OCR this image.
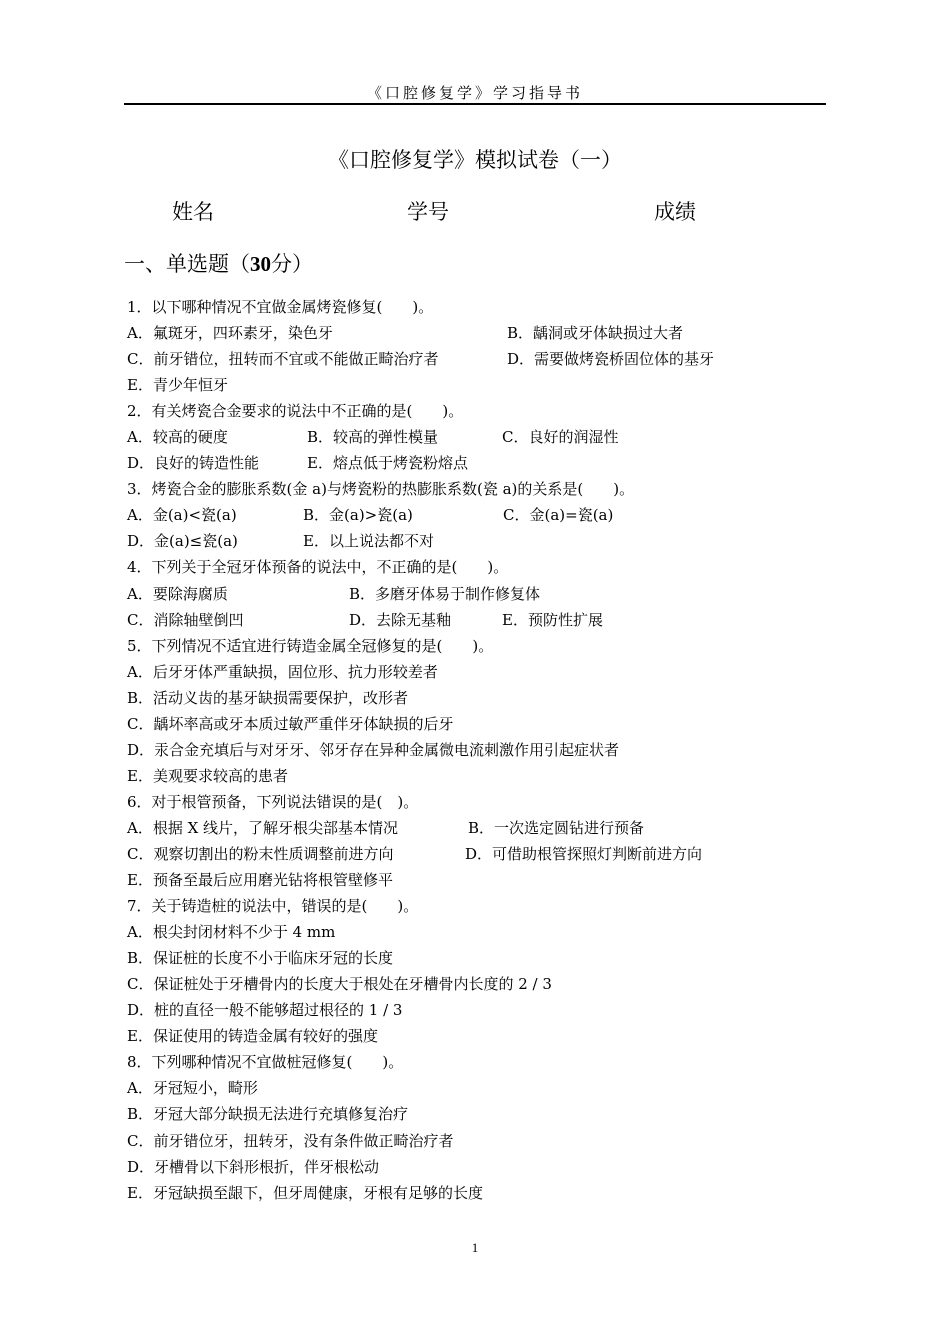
《口腔修复学》学习指导书
《口腔修复学》模拟试卷（一）
姓名	学号	成绩
一、单选题（30分）
1．以下哪种情况不宜做金属烤瓷修复(　　)。
A．氟斑牙，四环素牙，染色牙	B．龋洞或牙体缺损过大者
C．前牙错位，扭转而不宜或不能做正畸治疗者	D．需要做烤瓷桥固位体的基牙
E．青少年恒牙
2．有关烤瓷合金要求的说法中不正确的是(　　)。
A．较高的硬度	B．较高的弹性模量	C．良好的润湿性
D．良好的铸造性能	E．熔点低于烤瓷粉熔点
3．烤瓷合金的膨胀系数(金 a)与烤瓷粉的热膨胀系数(瓷 a)的关系是(　　)。
A．金(a)<瓷(a)	B．金(a)>瓷(a)	C．金(a)=瓷(a)
D．金(a)≤瓷(a)	E．以上说法都不对
4．下列关于全冠牙体预备的说法中，不正确的是(　　)。
A．要除海腐质	B．多磨牙体易于制作修复体
C．消除轴壁倒凹	D．去除无基釉	E．预防性扩展
5．下列情况不适宜进行铸造金属全冠修复的是(　　)。
A．后牙牙体严重缺损，固位形、抗力形较差者
B．活动义齿的基牙缺损需要保护，改形者
C．龋坏率高或牙本质过敏严重伴牙体缺损的后牙
D．汞合金充填后与对牙牙、邻牙存在异种金属微电流刺激作用引起症状者
E．美观要求较高的患者
6．对于根管预备，下列说法错误的是(　)。
A．根据 X 线片，了解牙根尖部基本情况	B．一次选定圆钻进行预备
C．观察切割出的粉末性质调整前进方向	D．可借助根管探照灯判断前进方向
E．预备至最后应用磨光钻将根管壁修平
7．关于铸造桩的说法中，错误的是(　　)。
A．根尖封闭材料不少于 4 mm
B．保证桩的长度不小于临床牙冠的长度
C．保证桩处于牙槽骨内的长度大于根处在牙槽骨内长度的 2 / 3
D．桩的直径一般不能够超过根径的 1 / 3
E．保证使用的铸造金属有较好的强度
8．下列哪种情况不宜做桩冠修复(　　)。
A．牙冠短小，畸形
B．牙冠大部分缺损无法进行充填修复治疗
C．前牙错位牙，扭转牙，没有条件做正畸治疗者
D．牙槽骨以下斜形根折，伴牙根松动
E．牙冠缺损至龈下，但牙周健康，牙根有足够的长度
1
